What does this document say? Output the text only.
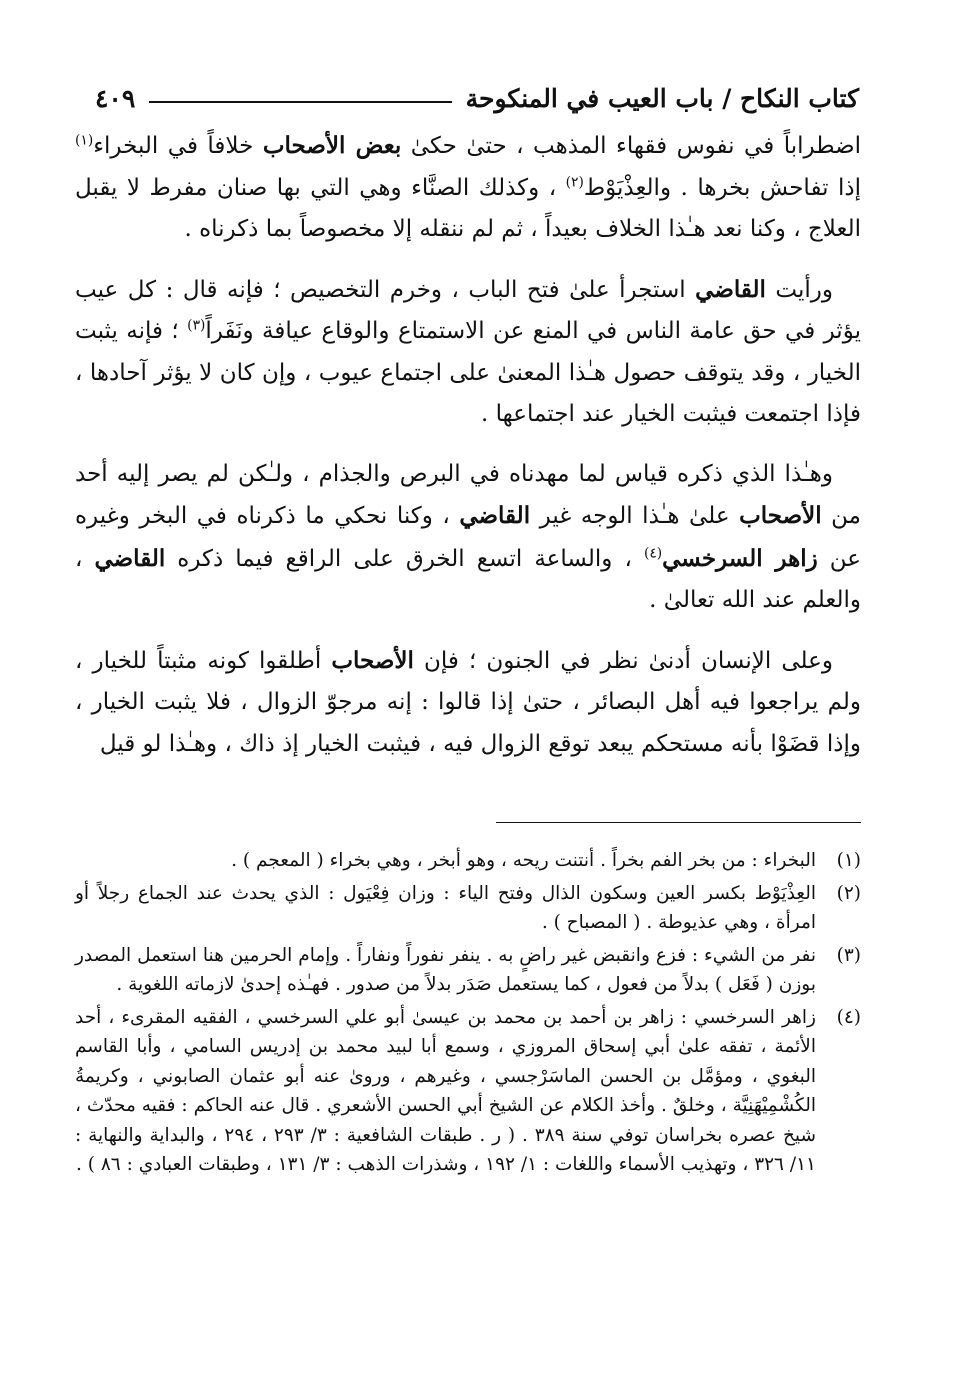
كتاب النكاح / باب العيب في المنكوحة
٤٠٩

اضطراباً في نفوس فقهاء المذهب ، حتىٰ حكىٰ بعض الأصحاب خلافاً في البخراء$^{(١)}$ إذا تفاحش بخرها . والعِذْيَوْط$^{(٢)}$ ، وكذلك الصنَّاء وهي التي بها صنان مفرط لا يقبل العلاج ، وكنا نعد هـٰذا الخلاف بعيداً ، ثم لم ننقله إلا مخصوصاً بما ذكرناه .

ورأيت القاضي استجرأ علىٰ فتح الباب ، وخرم التخصيص ؛ فإنه قال : كل عيب يؤثر في حق عامة الناس في المنع عن الاستمتاع والوقاع عيافة ونَفَراً$^{(٣)}$ ؛ فإنه يثبت الخيار ، وقد يتوقف حصول هـٰذا المعنىٰ على اجتماع عيوب ، وإن كان لا يؤثر آحادها ، فإذا اجتمعت فيثبت الخيار عند اجتماعها .

وهـٰذا الذي ذكره قياس لما مهدناه في البرص والجذام ، ولـٰكن لم يصر إليه أحد من الأصحاب علىٰ هـٰذا الوجه غير القاضي ، وكنا نحكي ما ذكرناه في البخر وغيره عن زاهر السرخسي$^{(٤)}$ ، والساعة اتسع الخرق على الراقع فيما ذكره القاضي ، والعلم عند الله تعالىٰ .

وعلى الإنسان أدنىٰ نظر في الجنون ؛ فإن الأصحاب أطلقوا كونه مثبتاً للخيار ، ولم يراجعوا فيه أهل البصائر ، حتىٰ إذا قالوا : إنه مرجوّ الزوال ، فلا يثبت الخيار ، وإذا قضَوْا بأنه مستحكم يبعد توقع الزوال فيه ، فيثبت الخيار إذ ذاك ، وهـٰذا لو قيل

(١)
البخراء : من بخر الفم بخراً . أنتنت ريحه ، وهو أبخر ، وهي بخراء ( المعجم ) .
(٢)
العِذْيَوْط بكسر العين وسكون الذال وفتح الياء : وزان فِعْيَول : الذي يحدث عند الجماع رجلاً أو امرأة ، وهي عذيوطة . ( المصباح ) .
(٣)
نفر من الشيء : فزع وانقبض غير راضٍ به . ينفر نفوراً ونفاراً . وإمام الحرمين هنا استعمل المصدر بوزن ( فَعَل ) بدلاً من فعول ، كما يستعمل صَدَر بدلاً من صدور . فهـٰذه إحدىٰ لازماته اللغوية .
(٤)
زاهر السرخسي : زاهر بن أحمد بن محمد بن عيسىٰ أبو علي السرخسي ، الفقيه المقرىء ، أحد الأئمة ، تفقه علىٰ أبي إسحاق المروزي ، وسمع أبا لبيد محمد بن إدريس السامي ، وأبا القاسم البغوي ، ومؤمَّل بن الحسن الماسَرْجسي ، وغيرهم ، وروىٰ عنه أبو عثمان الصابوني ، وكريمةُ الكُشْمِيْهَنِيَّة ، وخلقٌ . وأخذ الكلام عن الشيخ أبي الحسن الأشعري . قال عنه الحاكم : فقيه محدّث ، شيخ عصره بخراسان توفي سنة ٣٨٩ . ( ر . طبقات الشافعية : ٣/ ٢٩٣ ، ٢٩٤ ، والبداية والنهاية : ١١/ ٣٢٦ ، وتهذيب الأسماء واللغات : ١/ ١٩٢ ، وشذرات الذهب : ٣/ ١٣١ ، وطبقات العبادي : ٨٦ ) .
